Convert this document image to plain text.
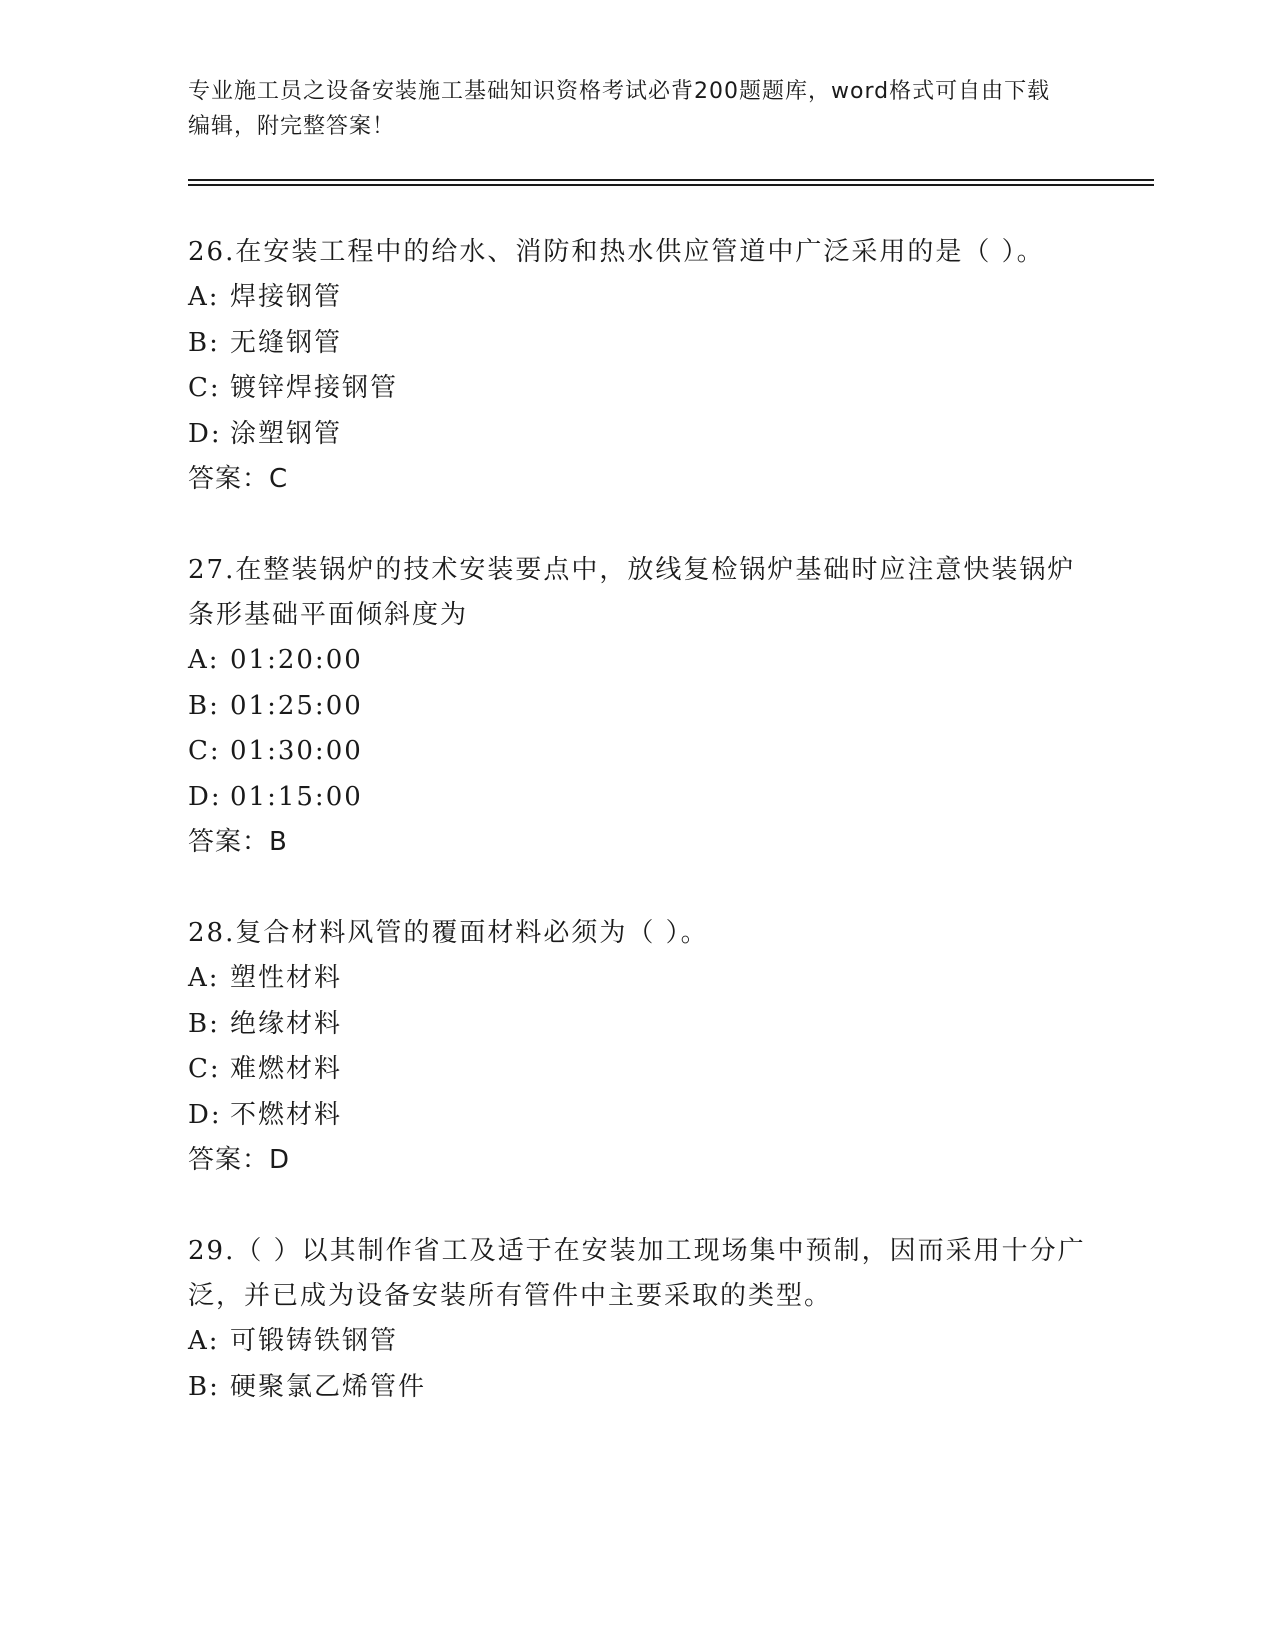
专业施工员之设备安装施工基础知识资格考试必背200题题库，word格式可自由下载编辑，附完整答案！

26.在安装工程中的给水、消防和热水供应管道中广泛采用的是（ ）。

A: 焊接钢管

B: 无缝钢管

C: 镀锌焊接钢管

D: 涂塑钢管

答案：C

27.在整装锅炉的技术安装要点中，放线复检锅炉基础时应注意快装锅炉条形基础平面倾斜度为

A: 01:20:00

B: 01:25:00

C: 01:30:00

D: 01:15:00

答案：B

28.复合材料风管的覆面材料必须为（ ）。

A: 塑性材料

B: 绝缘材料

C: 难燃材料

D: 不燃材料

答案：D

29.（ ）以其制作省工及适于在安装加工现场集中预制，因而采用十分广泛，并已成为设备安装所有管件中主要采取的类型。

A: 可锻铸铁钢管

B: 硬聚氯乙烯管件
